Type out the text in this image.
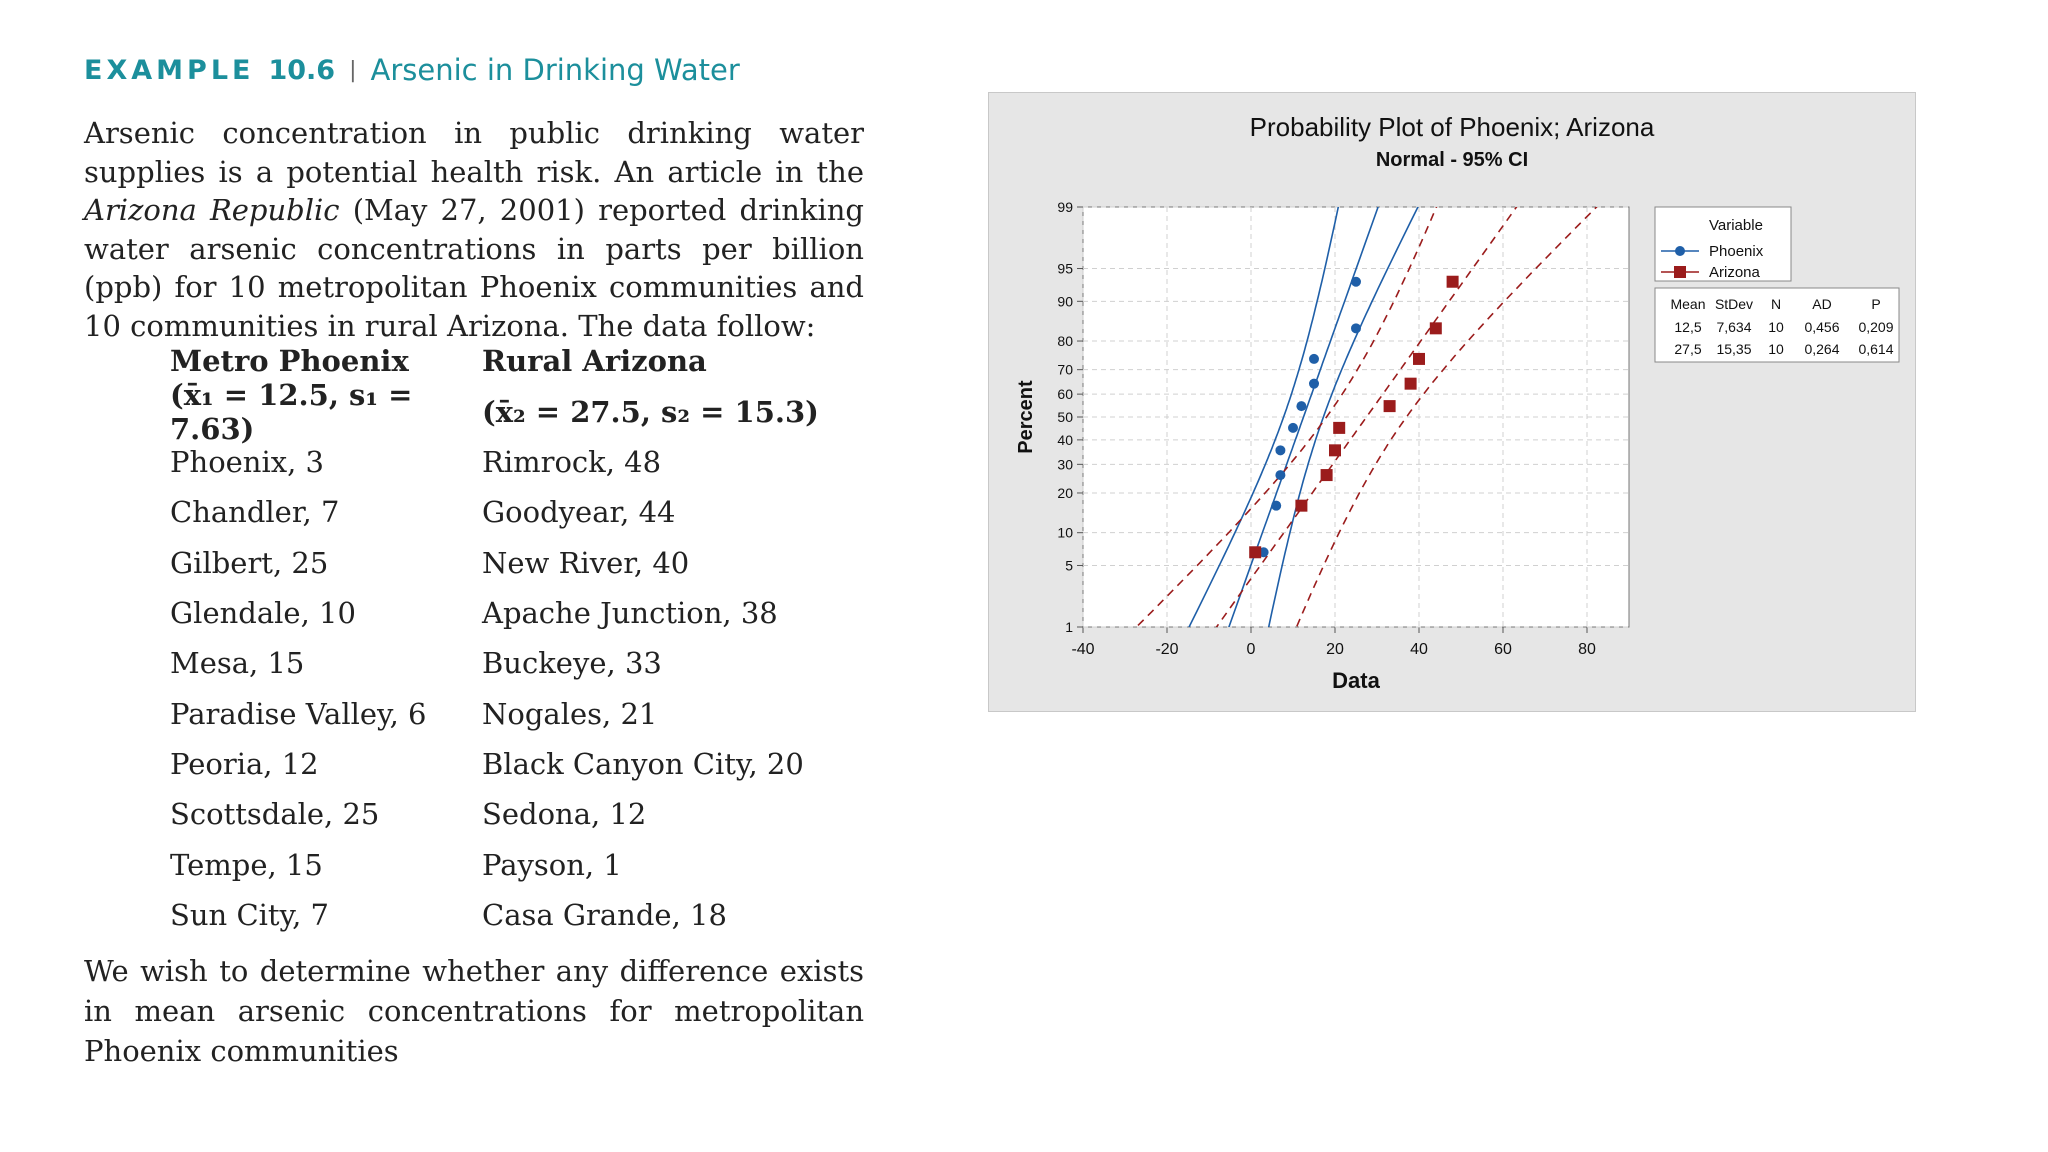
EXAMPLE 10.6 | Arsenic in Drinking Water

Arsenic concentration in public drinking water supplies is a potential health risk. An article in the Arizona Republic (May 27, 2001) reported drinking water arsenic concentrations in parts per billion (ppb) for 10 metropolitan Phoenix communities and 10 communities in rural Arizona. The data follow:

Metro Phoenix	Rural Arizona
(x̄₁ = 12.5, s₁ = 7.63)	(x̄₂ = 27.5, s₂ = 15.3)
Phoenix, 3	Rimrock, 48
Chandler, 7	Goodyear, 44
Gilbert, 25	New River, 40
Glendale, 10	Apache Junction, 38
Mesa, 15	Buckeye, 33
Paradise Valley, 6	Nogales, 21
Peoria, 12	Black Canyon City, 20
Scottsdale, 25	Sedona, 12
Tempe, 15	Payson, 1
Sun City, 7	Casa Grande, 18
We wish to determine whether any difference exists in mean arsenic concentrations for metropolitan Phoenix communities
Probability Plot of Phoenix; Arizona
Normal - 95% CI
-40	-20	0	20	40	60	80
1
5
10
20
30
40
50
60
70
80
90
95
99
Data
Percent
Variable
Phoenix
Arizona
Mean StDev N AD	P
12,5 7,634 10 0,456 0,209
27,5 15,35 10 0,264 0,614
